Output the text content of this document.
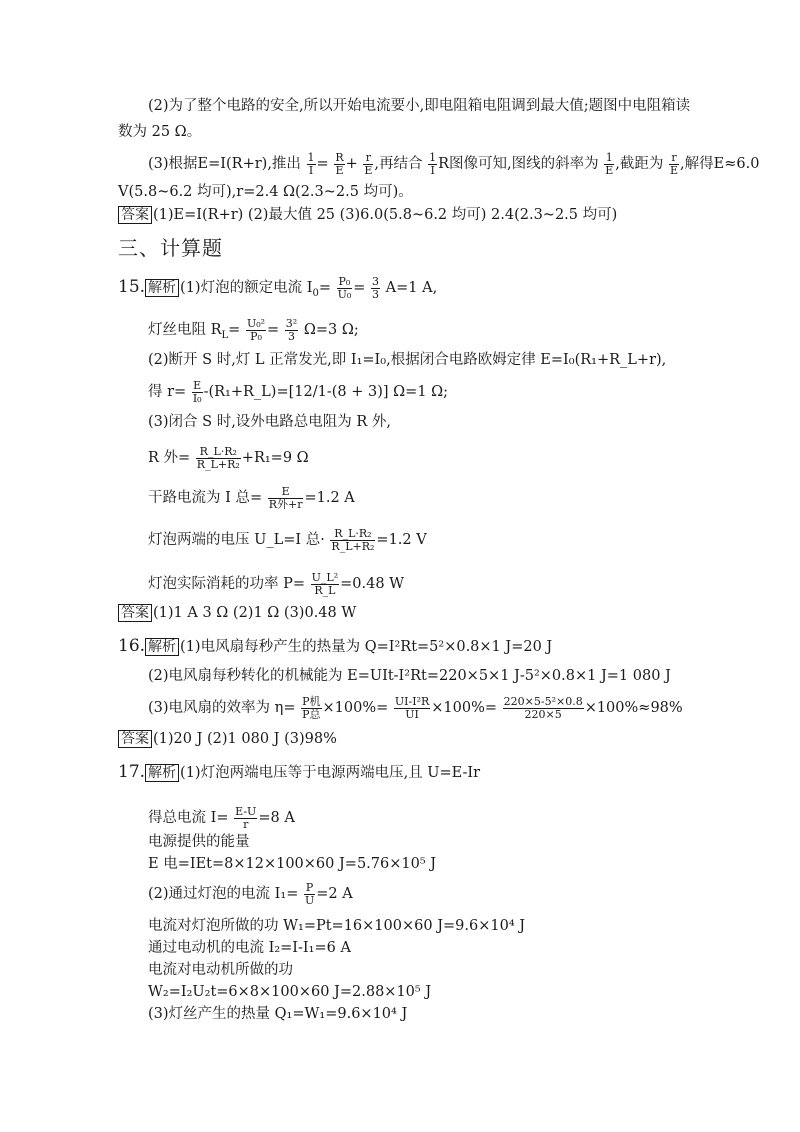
(2)为了整个电路的安全,所以开始电流要小,即电阻箱电阻调到最大值;题图中电阻箱读
数为 25 Ω。
(3)根据E=I(R+r),推出 $\frac{1}{I} = \frac{R}{E} + \frac{r}{E}$ ,再结合 $\frac{1}{I}$ R图像可知,图线的斜率为 $\frac{1}{E}$ ,截距为 $\frac{r}{E}$ ,解得E≈6.0
V(5.8~6.2 均可),r=2.4 Ω(2.3~2.5 均可)。
答案 (1)E=I(R+r) (2)最大值 25 (3)6.0(5.8~6.2 均可) 2.4(2.3~2.5 均可)
三、计算题
15. 解析 (1)灯泡的额定电流 $I_0= \frac{\text{P₀}}{\text{U₀}} = \frac{3}{3} A=1$ A,
灯丝电阻 $R_L= \frac{\text{U₀²}}{\text{P₀}} = \frac{\text{3²}}{3} \Omega=3$ Ω;
(2)断开 S 时,灯 L 正常发光,即 I₁=I₀,根据闭合电路欧姆定律 E=I₀(R₁+R_L+r),
得 $r= \frac{E}{\text{I₀}}$ -(R₁+R_L)=[12/1-(8 + 3)] Ω=1 Ω;
(3)闭合 S 时,设外电路总电阻为 R 外,
R 外= $\frac{\text{R\_L·R₂}}{\text{R\_L+R₂}} +R_1=9$ Ω
干路电流为 I 总= $\frac{E}{\text{R外+r}} =1.2$ A
灯泡两端的电压 U_L=I 总· $\frac{\text{R\_L·R₂}}{\text{R\_L+R₂}} =1.2$ V
灯泡实际消耗的功率 $P= \frac{\text{U\_L²}}{R\_L} =0.48$ W
答案 (1)1 A 3 Ω (2)1 Ω (3)0.48 W
16. 解析 (1)电风扇每秒产生的热量为 Q=I²Rt=5²×0.8×1 J=20 J
(2)电风扇每秒转化的机械能为 E=UIt-I²Rt=220×5×1 J-5²×0.8×1 J=1 080 J
(3)电风扇的效率为 $\eta= \frac{\text{P机}}{\text{P总}} \times 100\%= \frac{\text{UI-I²R}}{UI} \times 100\%= \frac{\text{220×5-5²×0.8}}{220\times 5} \times 100\%\approx 98\%$
答案 (1)20 J (2)1 080 J (3)98%
17. 解析 (1)灯泡两端电压等于电源两端电压,且 U=E-Ir
得总电流 $I= \frac{E-U}{r} =8$ A
电源提供的能量
E 电=IEt=8×12×100×60 J=5.76×10⁵ J
(2)通过灯泡的电流 $I_1= \frac{P}{U} =2$ A
电流对灯泡所做的功 W₁=Pt=16×100×60 J=9.6×10⁴ J
通过电动机的电流 I₂=I-I₁=6 A
电流对电动机所做的功
W₂=I₂U₂t=6×8×100×60 J=2.88×10⁵ J
(3)灯丝产生的热量 Q₁=W₁=9.6×10⁴ J
